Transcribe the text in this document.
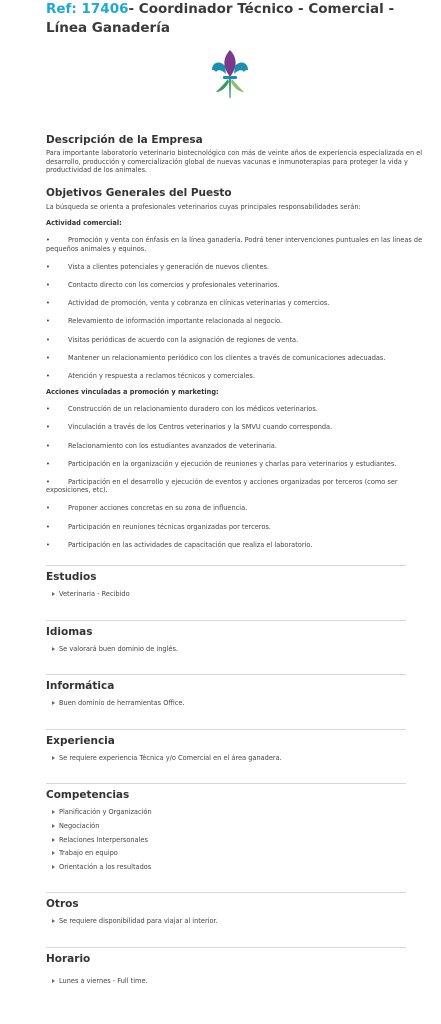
Ref: 17406- Coordinador Técnico - Comercial - Línea Ganadería
Descripción de la Empresa

Para importante laboratorio veterinario biotecnológico con más de veinte años de experiencia especializada en el desarrollo, producción y comercialización global de nuevas vacunas e inmunoterapias para proteger la vida y productividad de los animales.

Objetivos Generales del Puesto

La búsqueda se orienta a profesionales veterinarios cuyas principales responsabilidades serán:

Actividad comercial:

•	Promoción y venta con énfasis en la línea ganadería. Podrá tener intervenciones puntuales en las líneas de pequeños animales y equinos.
•	Vista a clientes potenciales y generación de nuevos clientes.
•	Contacto directo con los comercios y profesionales veterinarios.
•	Actividad de promoción, venta y cobranza en clínicas veterinarias y comercios.
•	Relevamiento de información importante relacionada al negocio.
•	Visitas periódicas de acuerdo con la asignación de regiones de venta.
•	Mantener un relacionamiento periódico con los clientes a través de comunicaciones adecuadas.
•	Atención y respuesta a reclamos técnicos y comerciales.

Acciones vinculadas a promoción y marketing:

•	Construcción de un relacionamiento duradero con los médicos veterinarios.
•	Vinculación a través de los Centros veterinarios y la SMVU cuando corresponda.
•	Relacionamiento con los estudiantes avanzados de veterinaria.
•	Participación en la organización y ejecución de reuniones y charlas para veterinarios y estudiantes.
•	Participación en el desarrollo y ejecución de eventos y acciones organizadas por terceros (como ser exposiciones, etc).
•	Proponer acciones concretas en su zona de influencia.
•	Participación en reuniones técnicas organizadas por terceros.
•	Participación en las actividades de capacitación que realiza el laboratorio.
Estudios
Veterinaria - Recibido
Idiomas
Se valorará buen dominio de inglés.
Informática
Buen dominio de herramientas Office.
Experiencia
Se requiere experiencia Técnica y/o Comercial en el área ganadera.
Competencias
Planificación y Organización
Negociación
Relaciones Interpersonales
Trabajo en equipo
Orientación a los resultados
Otros
Se requiere disponibilidad para viajar al interior.
Horario
Lunes a viernes - Full time.
